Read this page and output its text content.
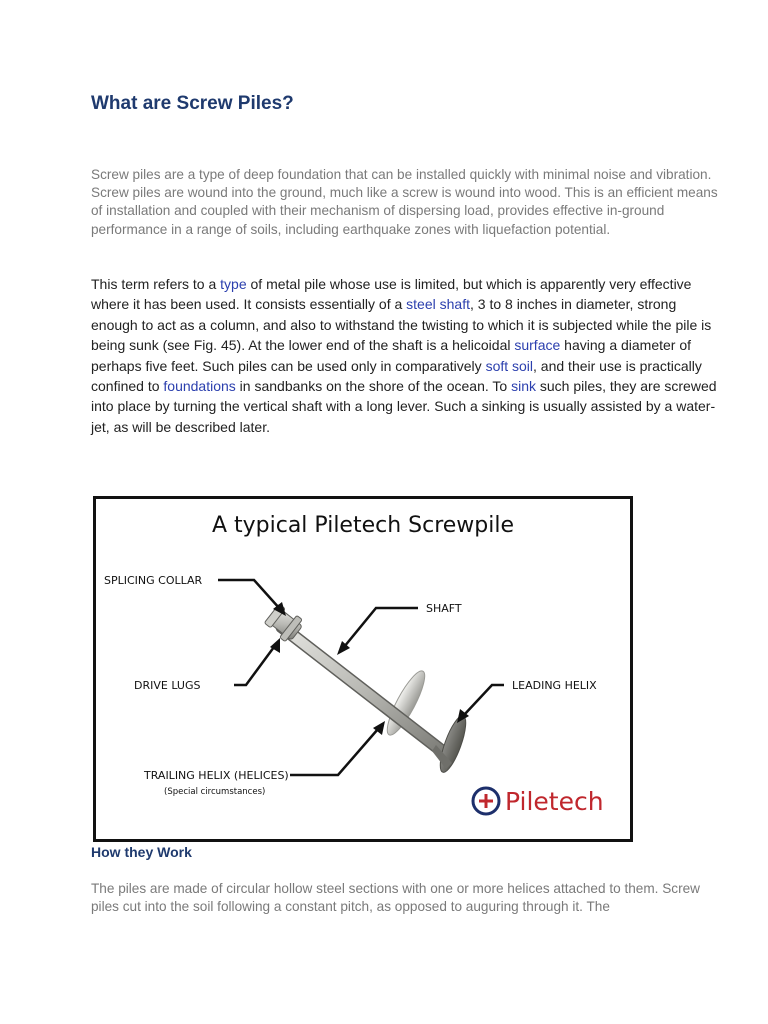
What are Screw Piles?

Screw piles are a type of deep foundation that can be installed quickly with minimal noise and vibration. Screw piles are wound into the ground, much like a screw is wound into wood. This is an efficient means of installation and coupled with their mechanism of dispersing load, provides effective in-ground performance in a range of soils, including earthquake zones with liquefaction potential.

This term refers to a type of metal pile whose use is limited, but which is apparently very effective where it has been used. It consists essentially of a steel shaft, 3 to 8 inches in diameter, strong enough to act as a column, and also to withstand the twisting to which it is subjected while the pile is being sunk (see Fig. 45). At the lower end of the shaft is a helicoidal surface having a diameter of perhaps five feet. Such piles can be used only in comparatively soft soil, and their use is practically confined to foundations in sandbanks on the shore of the ocean. To sink such piles, they are screwed into place by turning the vertical shaft with a long lever. Such a sinking is usually assisted by a water-jet, as will be described later.

A typical Piletech Screwpile
SPLICING COLLAR
SHAFT
DRIVE LUGS	LEADING HELIX
TRAILING HELIX (HELICES)
(Special circumstances)	Piletech
How they Work

The piles are made of circular hollow steel sections with one or more helices attached to them. Screw piles cut into the soil following a constant pitch, as opposed to auguring through it. The
